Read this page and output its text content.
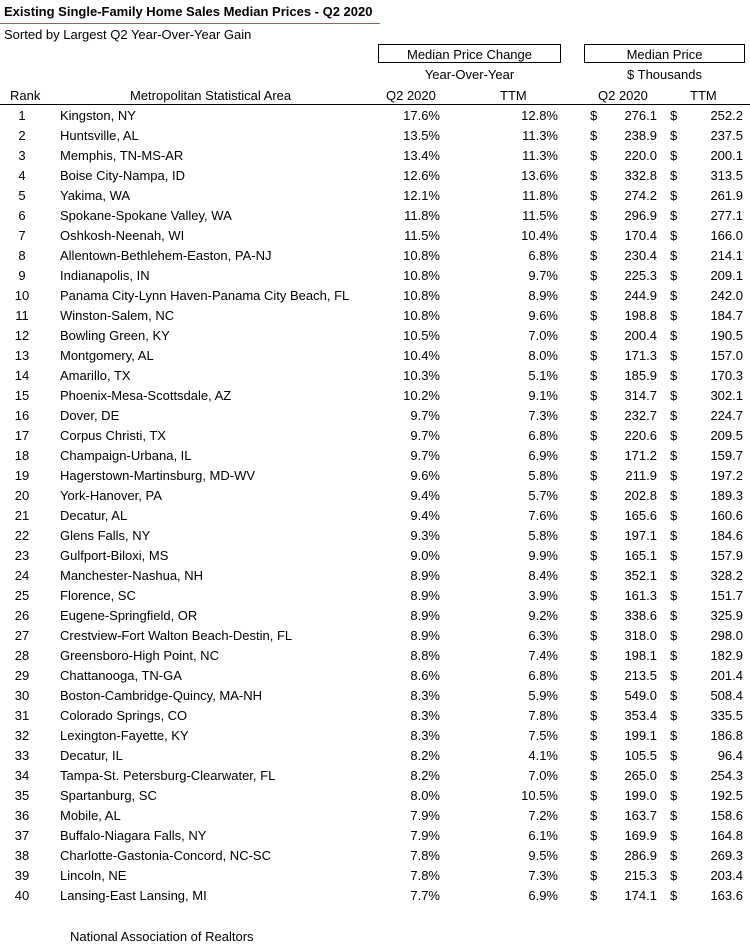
Existing Single-Family Home Sales Median Prices - Q2 2020
Sorted by Largest Q2 Year-Over-Year Gain
Median Price Change	Median Price
Year-Over-Year	$ Thousands
Rank	Metropolitan Statistical Area	Q2 2020	TTM	Q2 2020	TTM
1	Kingston, NY	17.6%	12.8% $	276.1 $	252.2
2	Huntsville, AL	13.5%	11.3% $	238.9 $	237.5
3	Memphis, TN-MS-AR	13.4%	11.3% $	220.0 $	200.1
4	Boise City-Nampa, ID	12.6%	13.6% $	332.8 $	313.5
5	Yakima, WA	12.1%	11.8% $	274.2 $	261.9
6	Spokane-Spokane Valley, WA	11.8%	11.5% $	296.9 $	277.1
7	Oshkosh-Neenah, WI	11.5%	10.4% $	170.4 $	166.0
8	Allentown-Bethlehem-Easton, PA-NJ	10.8%	6.8% $	230.4 $	214.1
9	Indianapolis, IN	10.8%	9.7% $	225.3 $	209.1
10	Panama City-Lynn Haven-Panama City Beach, FL	10.8%	8.9% $	244.9 $	242.0
11	Winston-Salem, NC	10.8%	9.6% $	198.8 $	184.7
12	Bowling Green, KY	10.5%	7.0% $	200.4 $	190.5
13	Montgomery, AL	10.4%	8.0% $	171.3 $	157.0
14	Amarillo, TX	10.3%	5.1% $	185.9 $	170.3
15	Phoenix-Mesa-Scottsdale, AZ	10.2%	9.1% $	314.7 $	302.1
16	Dover, DE	9.7%	7.3% $	232.7 $	224.7
17	Corpus Christi, TX	9.7%	6.8% $	220.6 $	209.5
18	Champaign-Urbana, IL	9.7%	6.9% $	171.2 $	159.7
19	Hagerstown-Martinsburg, MD-WV	9.6%	5.8% $	211.9 $	197.2
20	York-Hanover, PA	9.4%	5.7% $	202.8 $	189.3
21	Decatur, AL	9.4%	7.6% $	165.6 $	160.6
22	Glens Falls, NY	9.3%	5.8% $	197.1 $	184.6
23	Gulfport-Biloxi, MS	9.0%	9.9% $	165.1 $	157.9
24	Manchester-Nashua, NH	8.9%	8.4% $	352.1 $	328.2
25	Florence, SC	8.9%	3.9% $	161.3 $	151.7
26	Eugene-Springfield, OR	8.9%	9.2% $	338.6 $	325.9
27	Crestview-Fort Walton Beach-Destin, FL	8.9%	6.3% $	318.0 $	298.0
28	Greensboro-High Point, NC	8.8%	7.4% $	198.1 $	182.9
29	Chattanooga, TN-GA	8.6%	6.8% $	213.5 $	201.4
30	Boston-Cambridge-Quincy, MA-NH	8.3%	5.9% $	549.0 $	508.4
31	Colorado Springs, CO	8.3%	7.8% $	353.4 $	335.5
32	Lexington-Fayette, KY	8.3%	7.5% $	199.1 $	186.8
33	Decatur, IL	8.2%	4.1% $	105.5 $	96.4
34	Tampa-St. Petersburg-Clearwater, FL	8.2%	7.0% $	265.0 $	254.3
35	Spartanburg, SC	8.0%	10.5% $	199.0 $	192.5
36	Mobile, AL	7.9%	7.2% $	163.7 $	158.6
37	Buffalo-Niagara Falls, NY	7.9%	6.1% $	169.9 $	164.8
38	Charlotte-Gastonia-Concord, NC-SC	7.8%	9.5% $	286.9 $	269.3
39	Lincoln, NE	7.8%	7.3% $	215.3 $	203.4
40	Lansing-East Lansing, MI	7.7%	6.9% $	174.1 $	163.6
National Association of Realtors
